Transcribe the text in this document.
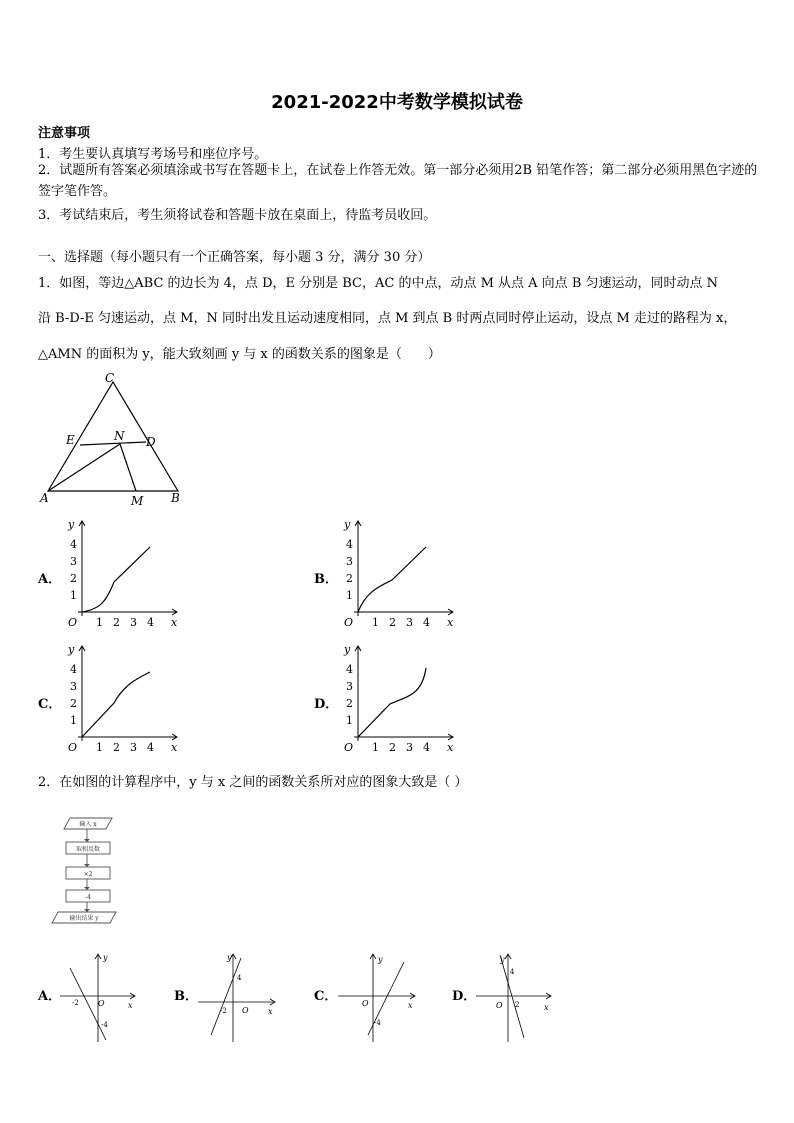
2021-2022中考数学模拟试卷
注意事项
1．考生要认真填写考场号和座位序号。
2．试题所有答案必须填涂或书写在答题卡上，在试卷上作答无效。第一部分必须用2B 铅笔作答；第二部分必须用黑色字迹的签字笔作答。
3．考试结束后，考生须将试卷和答题卡放在桌面上，待监考员收回。
一、选择题（每小题只有一个正确答案，每小题 3 分，满分 30 分）
1．如图，等边△ABC 的边长为 4，点 D，E 分别是 BC，AC 的中点，动点 M 从点 A 向点 B 匀速运动，同时动点 N
沿 B-D-E 匀速运动，点 M，N 同时出发且运动速度相同，点 M 到点 B 时两点同时停止运动，设点 M 走过的路程为 x，
△AMN 的面积为 y，能大致刻画 y 与 x 的函数关系的图象是（　　）
C
E	N D
A	M B
A．
1
1
2
2
3
3
4
4
O	x
y
B．
1
1
2
2
3
3
4
4
O	x
y
C．
1
1
2
2
3
3
4
4
O	x
y
D．
1
1
2
2
3
3
4
4
O	x
y
2．在如图的计算程序中，y 与 x 之间的函数关系所对应的图象大致是（ ）
输入 x
取相反数
×2
-4
输出结果 y
A．
y
x
O
-2
-4
B．
y
x
O
4
-2
C．
y
x
O
-4
D．
y
x
O
4
2
